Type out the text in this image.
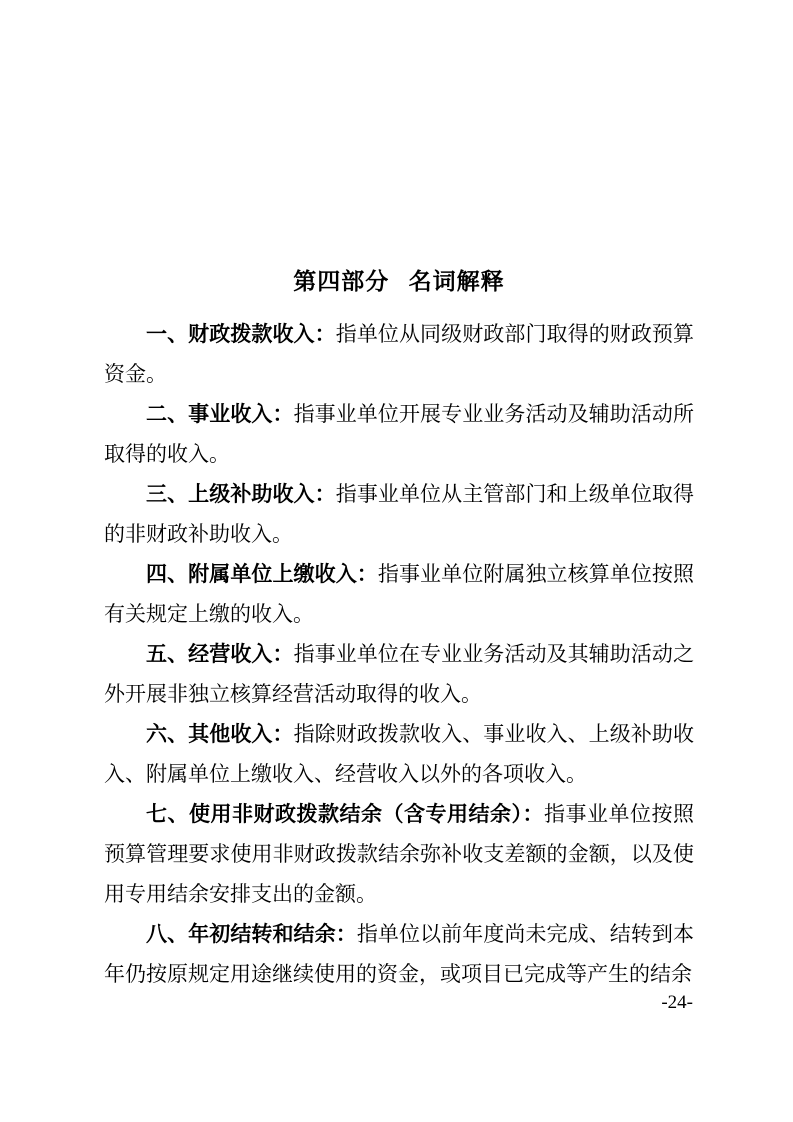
第四部分 名词解释

一、财政拨款收入：指单位从同级财政部门取得的财政预算资金。

二、事业收入：指事业单位开展专业业务活动及辅助活动所取得的收入。

三、上级补助收入：指事业单位从主管部门和上级单位取得的非财政补助收入。

四、附属单位上缴收入：指事业单位附属独立核算单位按照有关规定上缴的收入。

五、经营收入：指事业单位在专业业务活动及其辅助活动之外开展非独立核算经营活动取得的收入。

六、其他收入：指除财政拨款收入、事业收入、上级补助收入、附属单位上缴收入、经营收入以外的各项收入。

七、使用非财政拨款结余（含专用结余）：指事业单位按照预算管理要求使用非财政拨款结余弥补收支差额的金额，以及使用专用结余安排支出的金额。

八、年初结转和结余：指单位以前年度尚未完成、结转到本年仍按原规定用途继续使用的资金，或项目已完成等产生的结余

-24-
